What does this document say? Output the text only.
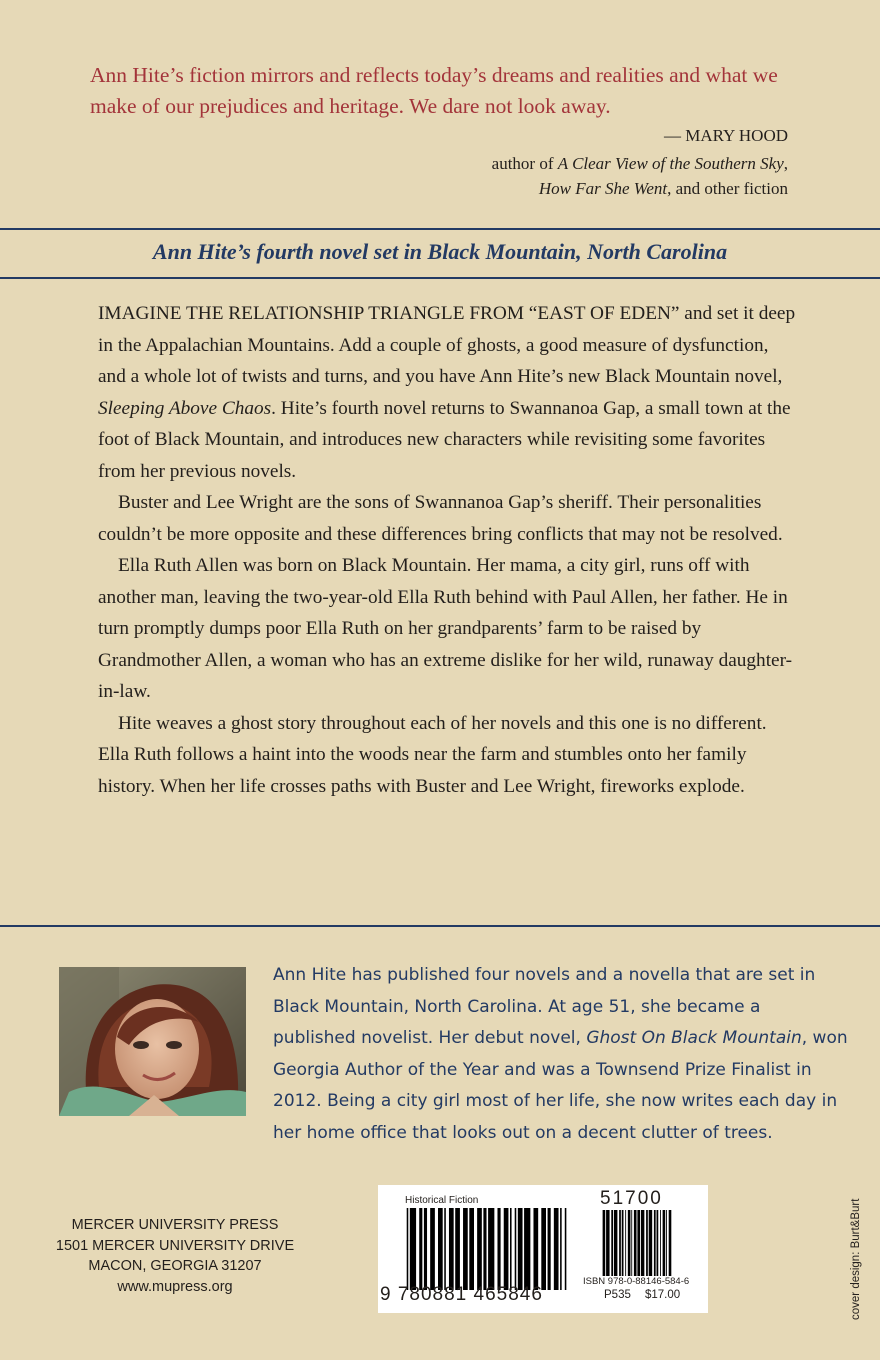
Ann Hite’s fiction mirrors and reflects today’s dreams and realities and what we make of our prejudices and heritage. We dare not look away.
— MARY HOOD
author of A Clear View of the Southern Sky,
How Far She Went, and other fiction
Ann Hite’s fourth novel set in Black Mountain, North Carolina

IMAGINE THE RELATIONSHIP TRIANGLE FROM “EAST OF EDEN” and set it deep in the Appalachian Mountains. Add a couple of ghosts, a good measure of dysfunction, and a whole lot of twists and turns, and you have Ann Hite’s new Black Mountain novel, Sleeping Above Chaos. Hite’s fourth novel returns to Swannanoa Gap, a small town at the foot of Black Mountain, and introduces new characters while revisiting some favorites from her previous novels.

Buster and Lee Wright are the sons of Swannanoa Gap’s sheriff. Their personalities couldn’t be more opposite and these differences bring conflicts that may not be resolved.

Ella Ruth Allen was born on Black Mountain. Her mama, a city girl, runs off with another man, leaving the two-year-old Ella Ruth behind with Paul Allen, her father. He in turn promptly dumps poor Ella Ruth on her grandparents’ farm to be raised by Grandmother Allen, a woman who has an extreme dislike for her wild, runaway daughter-in-law.

Hite weaves a ghost story throughout each of her novels and this one is no different. Ella Ruth follows a haint into the woods near the farm and stumbles onto her family history. When her life crosses paths with Buster and Lee Wright, fireworks explode.

Ann Hite has published four novels and a novella that are set in Black Mountain, North Carolina. At age 51, she became a published novelist. Her debut novel, Ghost On Black Mountain, won Georgia Author of the Year and was a Townsend Prize Finalist in 2012. Being a city girl most of her life, she now writes each day in her home office that looks out on a decent clutter of trees.
MERCER UNIVERSITY PRESS
1501 MERCER UNIVERSITY DRIVE
MACON, GEORGIA 31207
www.mupress.org
Historical Fiction
9 780881 465846
51700
ISBN 978-0-88146-584-6
P535 $17.00	cover design: Burt&Burt
